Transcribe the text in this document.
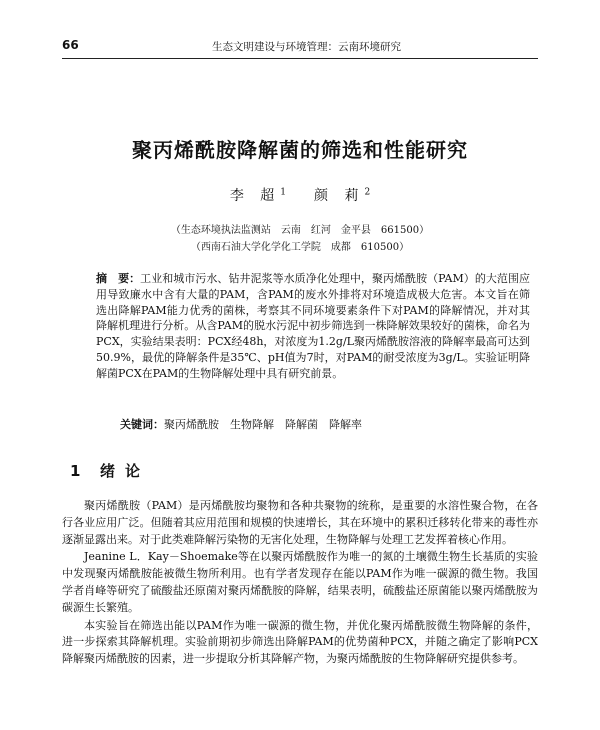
66	生态文明建设与环境管理：云南环境研究
聚丙烯酰胺降解菌的筛选和性能研究
李 超$^1$ 颜 莉$^2$
（生态环境执法监测站　云南　红河　金平县　661500）
（西南石油大学化学化工学院　成都　610500）
摘　要：工业和城市污水、钻井泥浆等水质净化处理中，聚丙烯酰胺（PAM）的大范围应用导致廉水中含有大量的PAM，含PAM的废水外排将对环境造成极大危害。本文旨在筛选出降解PAM能力优秀的菌株，考察其不同环境要素条件下对PAM的降解情况，并对其降解机理进行分析。从含PAM的脱水污泥中初步筛选到一株降解效果较好的菌株，命名为PCX，实验结果表明：PCX经48h，对浓度为1.2g/L聚丙烯酰胺溶液的降解率最高可达到50.9%，最优的降解条件是35℃、pH值为7时，对PAM的耐受浓度为3g/L。实验证明降解菌PCX在PAM的生物降解处理中具有研究前景。
关键词：聚丙烯酰胺　生物降解　降解菌　降解率
1 绪论

聚丙烯酰胺（PAM）是丙烯酰胺均聚物和各种共聚物的统称，是重要的水溶性聚合物，在各行各业应用广泛。但随着其应用范围和规模的快速增长，其在环境中的累积迁移转化带来的毒性亦逐渐显露出来。对于此类难降解污染物的无害化处理，生物降解与处理工艺发挥着核心作用。

Jeanine L．Kay－Shoemake等在以聚丙烯酰胺作为唯一的氮的土壤微生物生长基质的实验中发现聚丙烯酰胺能被微生物所利用。也有学者发现存在能以PAM作为唯一碳源的微生物。我国学者肖峰等研究了硫酸盐还原菌对聚丙烯酰胺的降解，结果表明，硫酸盐还原菌能以聚丙烯酰胺为碳源生长繁殖。

本实验旨在筛选出能以PAM作为唯一碳源的微生物，并优化聚丙烯酰胺微生物降解的条件，进一步探索其降解机理。实验前期初步筛选出降解PAM的优势菌种PCX，并随之确定了影响PCX降解聚丙烯酰胺的因素，进一步提取分析其降解产物，为聚丙烯酰胺的生物降解研究提供参考。
